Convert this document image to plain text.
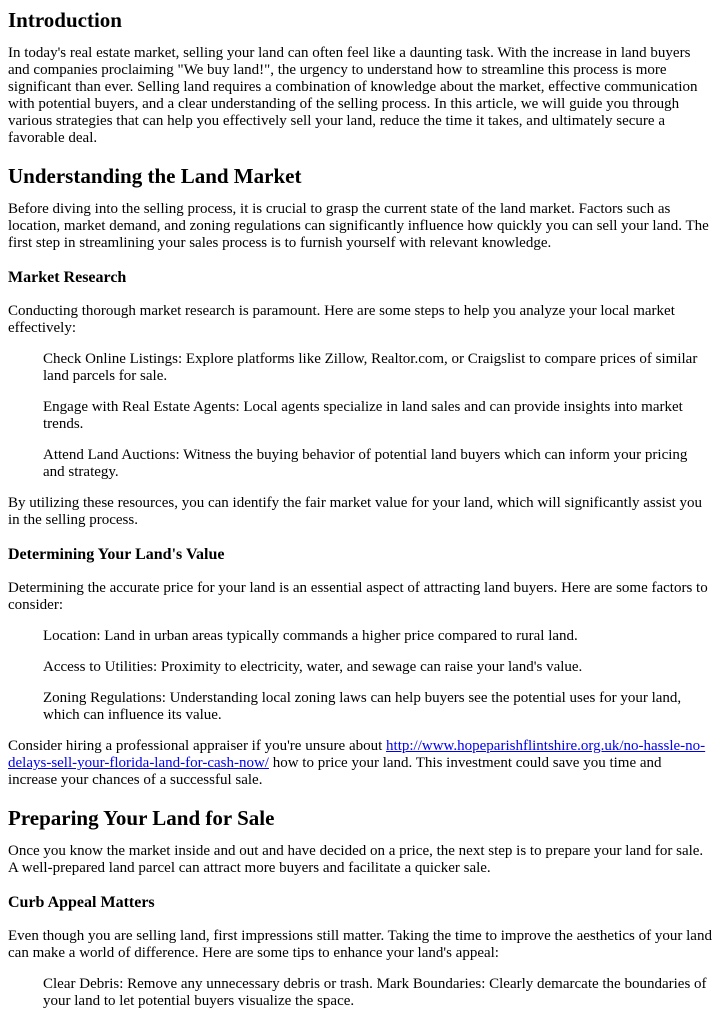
Introduction

In today's real estate market, selling your land can often feel like a daunting task. With the increase in land buyers and companies proclaiming "We buy land!", the urgency to understand how to streamline this process is more significant than ever. Selling land requires a combination of knowledge about the market, effective communication with potential buyers, and a clear understanding of the selling process. In this article, we will guide you through various strategies that can help you effectively sell your land, reduce the time it takes, and ultimately secure a favorable deal.

Understanding the Land Market

Before diving into the selling process, it is crucial to grasp the current state of the land market. Factors such as location, market demand, and zoning regulations can significantly influence how quickly you can sell your land. The first step in streamlining your sales process is to furnish yourself with relevant knowledge.

Market Research

Conducting thorough market research is paramount. Here are some steps to help you analyze your local market effectively:

Check Online Listings: Explore platforms like Zillow, Realtor.com, or Craigslist to compare prices of similar land parcels for sale.
Engage with Real Estate Agents: Local agents specialize in land sales and can provide insights into market trends.
Attend Land Auctions: Witness the buying behavior of potential land buyers which can inform your pricing and strategy.

By utilizing these resources, you can identify the fair market value for your land, which will significantly assist you in the selling process.

Determining Your Land's Value

Determining the accurate price for your land is an essential aspect of attracting land buyers. Here are some factors to consider:

Location: Land in urban areas typically commands a higher price compared to rural land.
Access to Utilities: Proximity to electricity, water, and sewage can raise your land's value.
Zoning Regulations: Understanding local zoning laws can help buyers see the potential uses for your land, which can influence its value.

Consider hiring a professional appraiser if you're unsure about http://www.hopeparishflintshire.org.uk/no-hassle-no-delays-sell-your-florida-land-for-cash-now/ how to price your land. This investment could save you time and increase your chances of a successful sale.

Preparing Your Land for Sale

Once you know the market inside and out and have decided on a price, the next step is to prepare your land for sale. A well-prepared land parcel can attract more buyers and facilitate a quicker sale.

Curb Appeal Matters

Even though you are selling land, first impressions still matter. Taking the time to improve the aesthetics of your land can make a world of difference. Here are some tips to enhance your land's appeal:

Clear Debris: Remove any unnecessary debris or trash. Mark Boundaries: Clearly demarcate the boundaries of your land to let potential buyers visualize the space.
